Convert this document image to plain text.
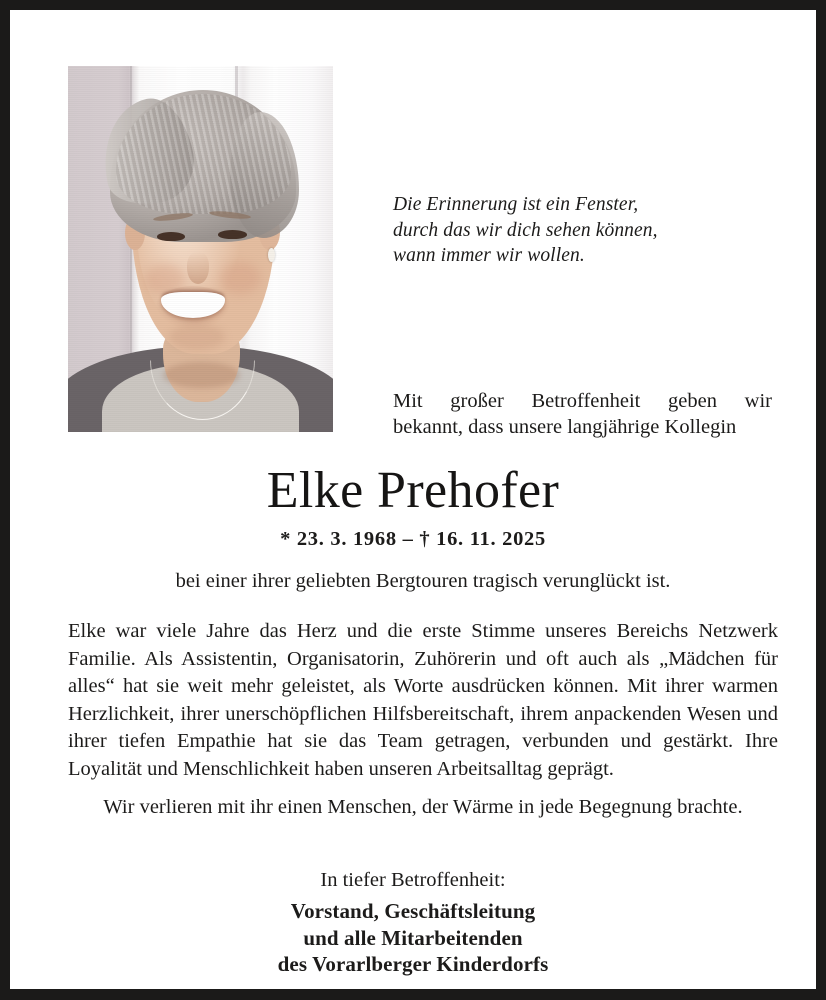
Die Erinnerung ist ein Fenster,
durch das wir dich sehen können,
wann immer wir wollen.
Mit großer Betroffenheit geben wir
bekannt, dass unsere langjährige Kollegin
Elke Prehofer
* 23. 3. 1968 – † 16. 11. 2025
bei einer ihrer geliebten Bergtouren tragisch verunglückt ist.
Elke war viele Jahre das Herz und die erste Stimme unseres Bereichs Netzwerk Familie. Als Assistentin, Organisatorin, Zuhörerin und oft auch als „Mädchen für alles“ hat sie weit mehr geleistet, als Worte ausdrücken können. Mit ihrer warmen Herzlichkeit, ihrer unerschöpflichen Hilfsbereitschaft, ihrem anpackenden Wesen und ihrer tiefen Empathie hat sie das Team getragen, verbunden und gestärkt. Ihre Loyalität und Menschlichkeit haben unseren Arbeitsalltag geprägt.
Wir verlieren mit ihr einen Menschen, der Wärme in jede Begegnung brachte.
In tiefer Betroffenheit:
Vorstand, Geschäftsleitung
und alle Mitarbeitenden
des Vorarlberger Kinderdorfs
